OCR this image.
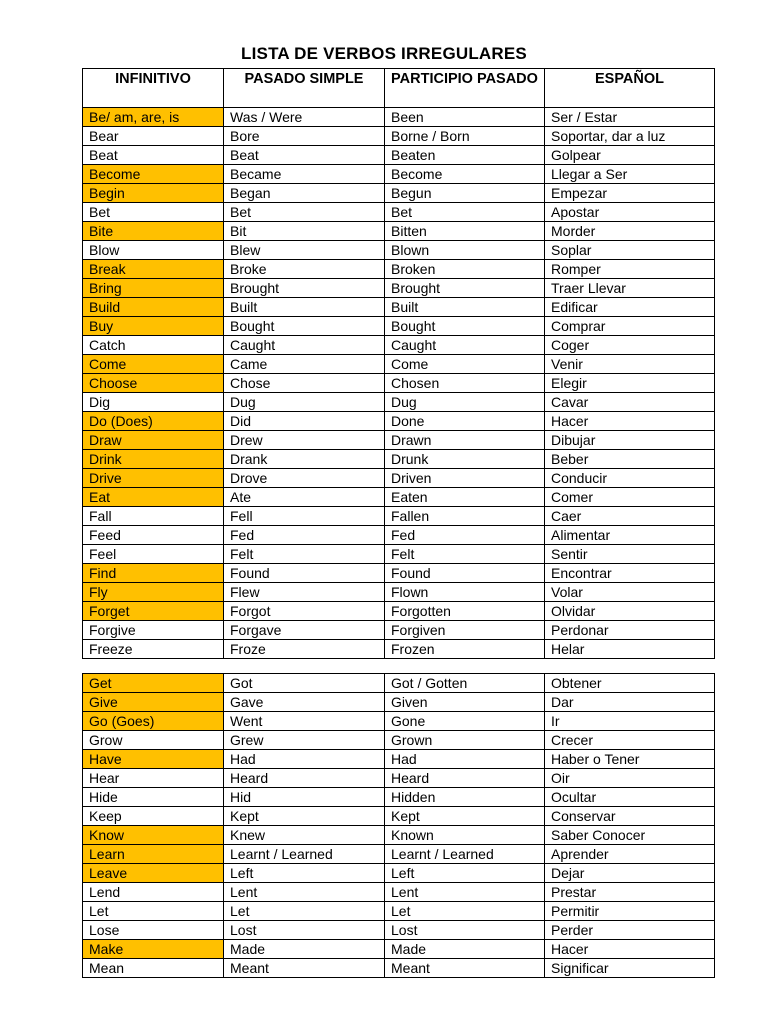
LISTA DE VERBOS IRREGULARES
INFINITIVO	PASADO SIMPLE	PARTICIPIO PASADO	ESPAÑOL
Be/ am, are, is	Was / Were	Been	Ser / Estar
Bear	Bore	Borne / Born	Soportar, dar a luz
Beat	Beat	Beaten	Golpear
Become	Became	Become	Llegar a Ser
Begin	Began	Begun	Empezar
Bet	Bet	Bet	Apostar
Bite	Bit	Bitten	Morder
Blow	Blew	Blown	Soplar
Break	Broke	Broken	Romper
Bring	Brought	Brought	Traer Llevar
Build	Built	Built	Edificar
Buy	Bought	Bought	Comprar
Catch	Caught	Caught	Coger
Come	Came	Come	Venir
Choose	Chose	Chosen	Elegir
Dig	Dug	Dug	Cavar
Do (Does)	Did	Done	Hacer
Draw	Drew	Drawn	Dibujar
Drink	Drank	Drunk	Beber
Drive	Drove	Driven	Conducir
Eat	Ate	Eaten	Comer
Fall	Fell	Fallen	Caer
Feed	Fed	Fed	Alimentar
Feel	Felt	Felt	Sentir
Find	Found	Found	Encontrar
Fly	Flew	Flown	Volar
Forget	Forgot	Forgotten	Olvidar
Forgive	Forgave	Forgiven	Perdonar
Freeze	Froze	Frozen	Helar
Get	Got	Got / Gotten	Obtener
Give	Gave	Given	Dar
Go (Goes)	Went	Gone	Ir
Grow	Grew	Grown	Crecer
Have	Had	Had	Haber o Tener
Hear	Heard	Heard	Oir
Hide	Hid	Hidden	Ocultar
Keep	Kept	Kept	Conservar
Know	Knew	Known	Saber Conocer
Learn	Learnt / Learned	Learnt / Learned	Aprender
Leave	Left	Left	Dejar
Lend	Lent	Lent	Prestar
Let	Let	Let	Permitir
Lose	Lost	Lost	Perder
Make	Made	Made	Hacer
Mean	Meant	Meant	Significar
